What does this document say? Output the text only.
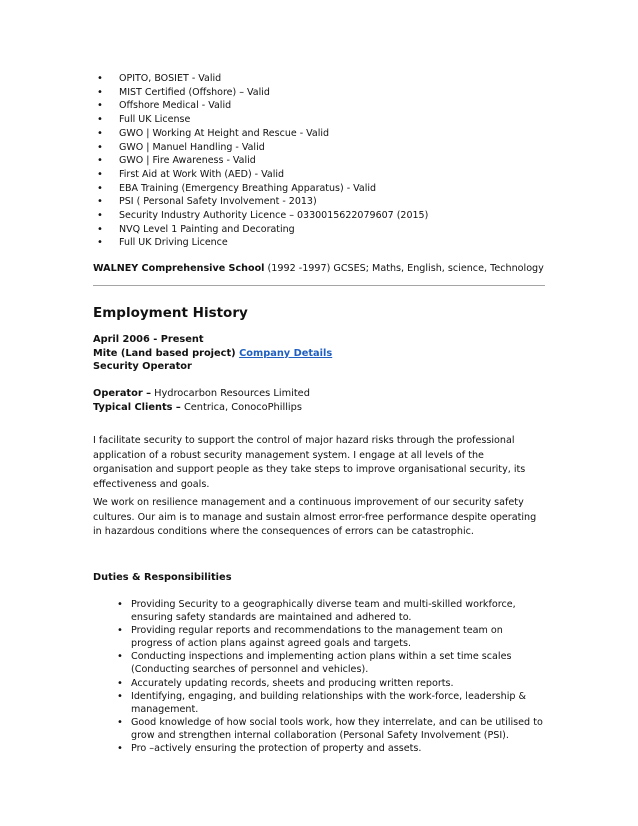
• OPITO, BOSIET - Valid
• MIST Certified (Offshore) – Valid
• Offshore Medical - Valid
• Full UK License
• GWO | Working At Height and Rescue - Valid
• GWO | Manuel Handling - Valid
• GWO | Fire Awareness - Valid
• First Aid at Work With (AED) - Valid
• EBA Training (Emergency Breathing Apparatus) - Valid
• PSI ( Personal Safety Involvement - 2013)
• Security Industry Authority Licence – 0330015622079607 (2015)
• NVQ Level 1 Painting and Decorating
• Full UK Driving Licence
WALNEY Comprehensive School (1992 -1997) GCSES; Maths, English, science, Technology
Employment History
April 2006 - Present
Mite (Land based project) Company Details
Security Operator
Operator – Hydrocarbon Resources Limited
Typical Clients – Centrica, ConocoPhillips

I facilitate security to support the control of major hazard risks through the professional application of a robust security management system. I engage at all levels of the organisation and support people as they take steps to improve organisational security, its effectiveness and goals.

We work on resilience management and a continuous improvement of our security safety cultures. Our aim is to manage and sustain almost error-free performance despite operating in hazardous conditions where the consequences of errors can be catastrophic.

Duties & Responsibilities
• Providing Security to a geographically diverse team and multi-skilled workforce, ensuring safety standards are maintained and adhered to.
• Providing regular reports and recommendations to the management team on progress of action plans against agreed goals and targets.
• Conducting inspections and implementing action plans within a set time scales (Conducting searches of personnel and vehicles).
• Accurately updating records, sheets and producing written reports.
• Identifying, engaging, and building relationships with the work-force, leadership & management.
• Good knowledge of how social tools work, how they interrelate, and can be utilised to grow and strengthen internal collaboration (Personal Safety Involvement (PSI).
• Pro –actively ensuring the protection of property and assets.
